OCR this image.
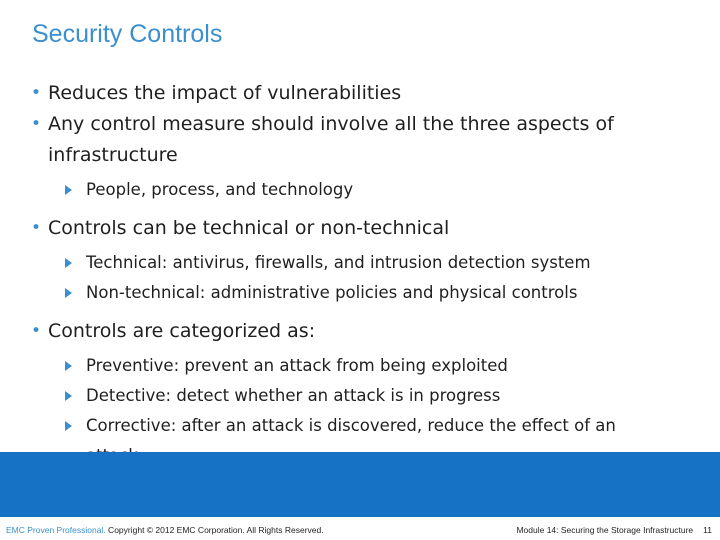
Security Controls
• Reduces the impact of vulnerabilities
• Any control measure should involve all the three aspects of
infrastructure
People, process, and technology
• Controls can be technical or non-technical
Technical: antivirus, firewalls, and intrusion detection system
Non-technical: administrative policies and physical controls
• Controls are categorized as:
Preventive: prevent an attack from being exploited
Detective: detect whether an attack is in progress
Corrective: after an attack is discovered, reduce the effect of an

EMC Proven Professional. Copyright © 2012 EMC Corporation. All Rights Reserved.	Module 14: Securing the Storage Infrastructure 11
